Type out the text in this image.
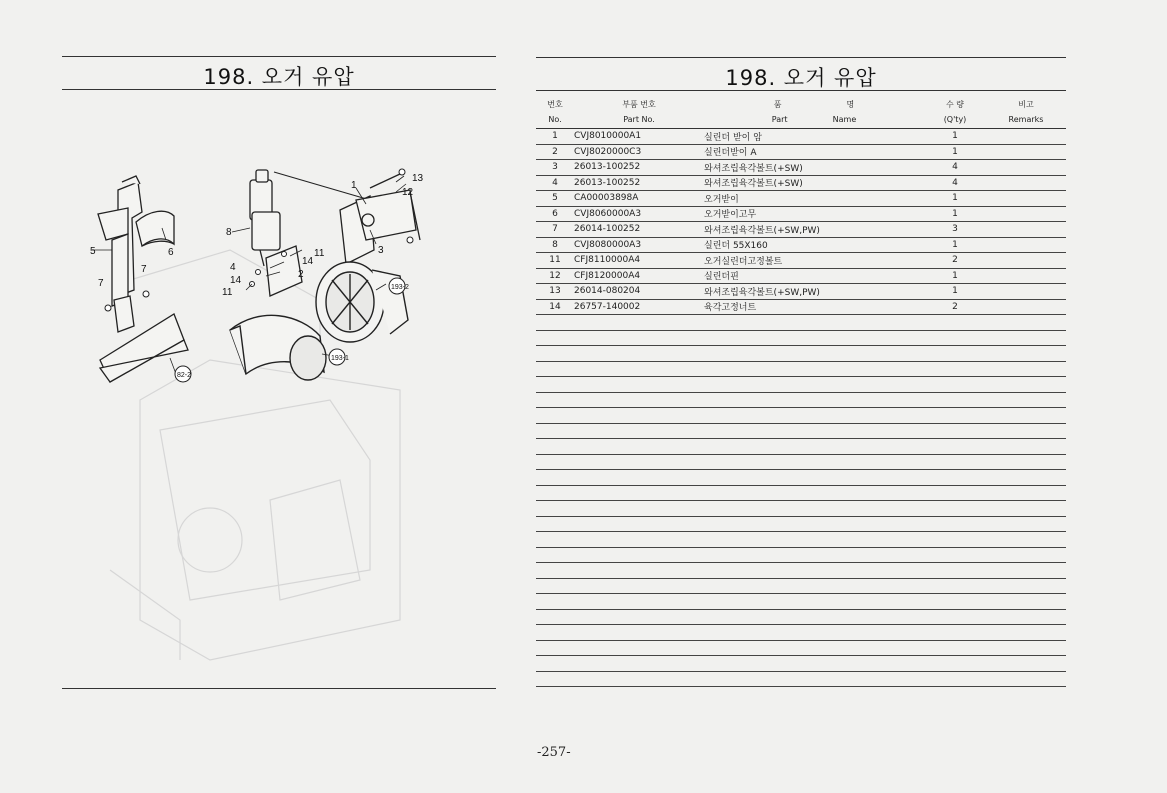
198. 오거 유압
5	6
7
7
8
1
13
12
3
11
14
4
2
14
11	193-2
193-1
82-2
198. 오거 유압
번호	부품 번호	품 명	수 량	비고
No.	Part No.	Part Name	(Q'ty)	Remarks
1	CVJ8010000A1	실린더 받이 암	1	
2	CVJ8020000C3	실린더받이 A	1	
3	26013-100252	와셔조립육각볼트(+SW)	4	
4	26013-100252	와셔조립육각볼트(+SW)	4	
5	CA00003898A	오거받이	1	
6	CVJ8060000A3	오거받이고무	1	
7	26014-100252	와셔조립육각볼트(+SW,PW)	3	
8	CVJ8080000A3	실린더 55X160	1	
11	CFJ8110000A4	오거실린더고정볼트	2	
12	CFJ8120000A4	실린더핀	1	
13	26014-080204	와셔조립육각볼트(+SW,PW)	1	
14	26757-140002	육각고정너트	2	

-257-
